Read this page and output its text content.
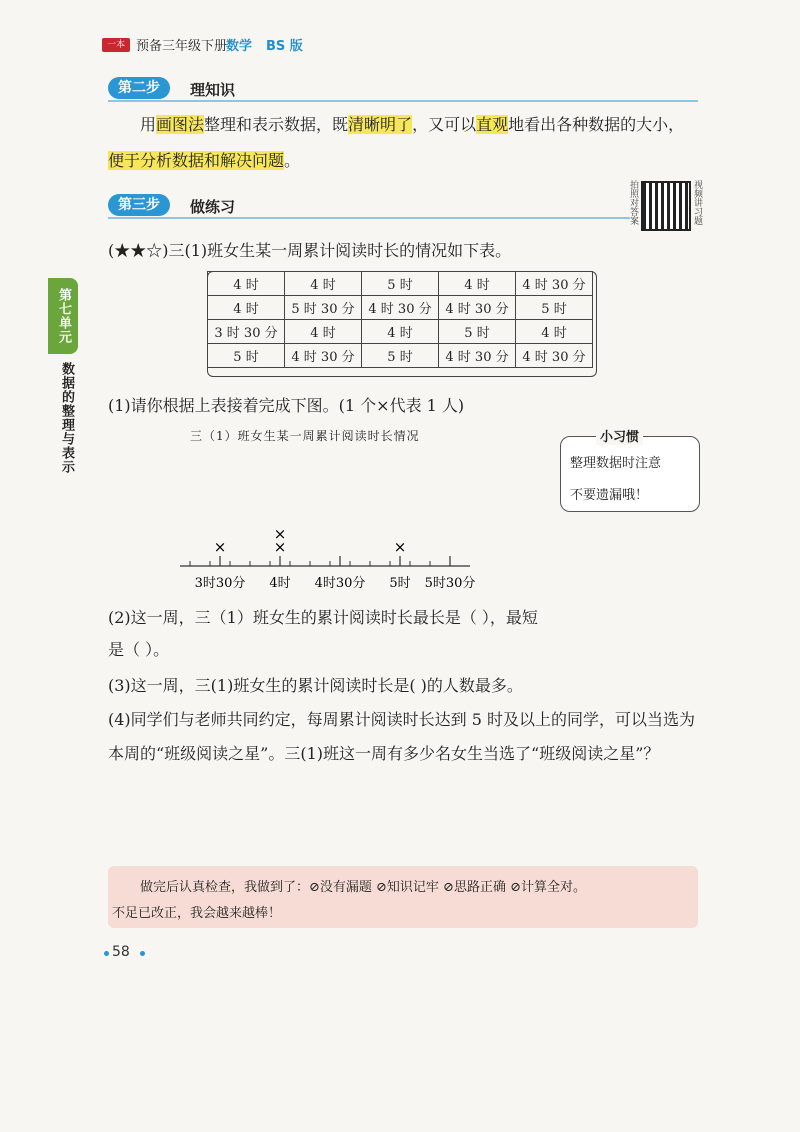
一本 预备三年级下册
数学 BS 版
第二步	理知识
用画图法整理和表示数据，既清晰明了，又可以直观地看出各种数据的大小，
便于分析数据和解决问题。
第三步	做练习	拍照对答案	视频讲习题
第七单元
数据的整理与表示
(★★☆)三(1)班女生某一周累计阅读时长的情况如下表。
4 时	4 时	5 时	4 时	4 时 30 分
4 时	5 时 30 分	4 时 30 分	4 时 30 分	5 时
3 时 30 分	4 时	4 时	5 时	4 时
5 时	4 时 30 分	5 时	4 时 30 分	4 时 30 分
(1)请你根据上表接着完成下图。(1 个×代表 1 人)
三（1）班女生某一周累计阅读时长情况	小习惯
整理数据时注意
不要遗漏哦！
3时30分 4时 4时30分 5时 5时30分
×	×
×
×
(2)这一周，三（1）班女生的累计阅读时长最长是（ ），最短
是（ ）。
(3)这一周，三(1)班女生的累计阅读时长是( )的人数最多。
(4)同学们与老师共同约定，每周累计阅读时长达到 5 时及以上的同学，可以当选为
本周的“班级阅读之星”。三(1)班这一周有多少名女生当选了“班级阅读之星”？
做完后认真检查，我做到了：⊘没有漏题 ⊘知识记牢 ⊘思路正确 ⊘计算全对。
不足已改正，我会越来越棒！
58
